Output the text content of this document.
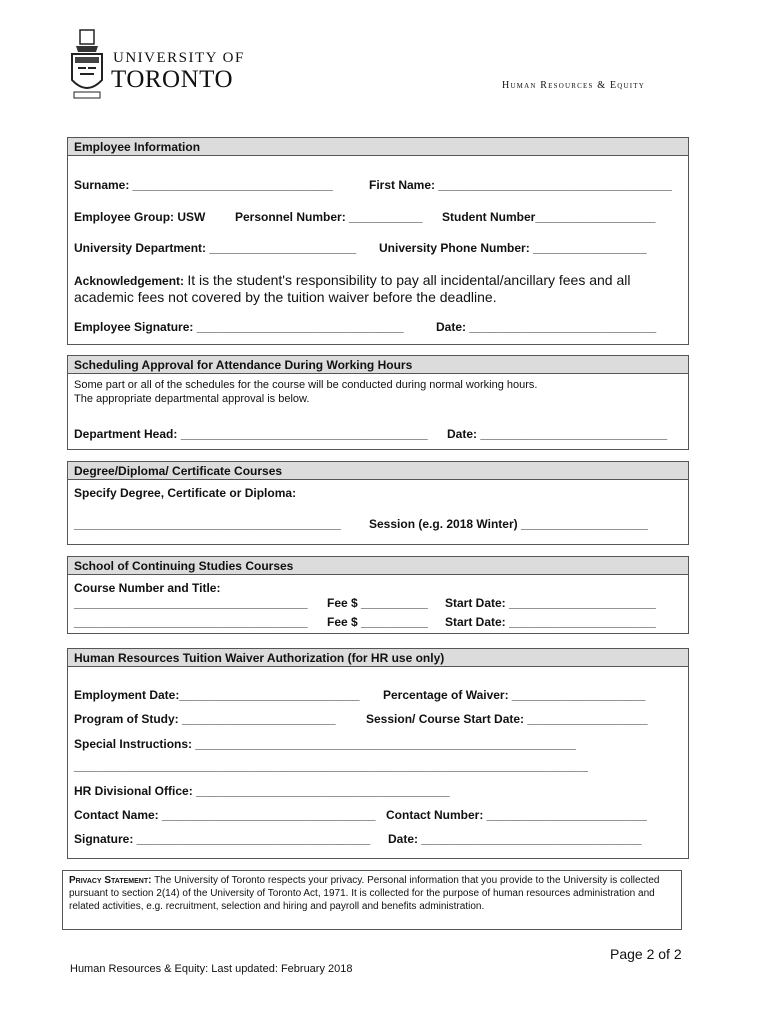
UNIVERSITY OF
TORONTO	Human Resources & Equity
Employee Information
Surname: ______________________________	First Name: ___________________________________
Employee Group: USW Personnel Number: ___________ Student Number__________________
University Department: ______________________ University Phone Number: _________________
Acknowledgement: It is the student's responsibility to pay all incidental/ancillary fees and all
academic fees not covered by the tuition waiver before the deadline.
Employee Signature: _______________________________	Date: ____________________________
Scheduling Approval for Attendance During Working Hours
Some part or all of the schedules for the course will be conducted during normal working hours.
The appropriate departmental approval is below.
Department Head: _____________________________________ Date: ____________________________
Degree/Diploma/ Certificate Courses
Specify Degree, Certificate or Diploma:
________________________________________ Session (e.g. 2018 Winter) ___________________
School of Continuing Studies Courses
Course Number and Title:
___________________________________ Fee $ __________ Start Date: ______________________
___________________________________ Fee $ __________ Start Date: ______________________
Human Resources Tuition Waiver Authorization (for HR use only)
Employment Date:___________________________ Percentage of Waiver: ____________________
Program of Study: _______________________	Session/ Course Start Date: __________________
Special Instructions: _________________________________________________________
_____________________________________________________________________________
HR Divisional Office: ______________________________________
Contact Name: ________________________________ Contact Number: ________________________
Signature: ___________________________________ Date: _________________________________
Privacy Statement: The University of Toronto respects your privacy. Personal information that you provide to the University is collected pursuant to section 2(14) of the University of Toronto Act, 1971. It is collected for the purpose of human resources administration and related activities, e.g. recruitment, selection and hiring and payroll and benefits administration.
Page 2 of 2
Human Resources & Equity: Last updated: February 2018
